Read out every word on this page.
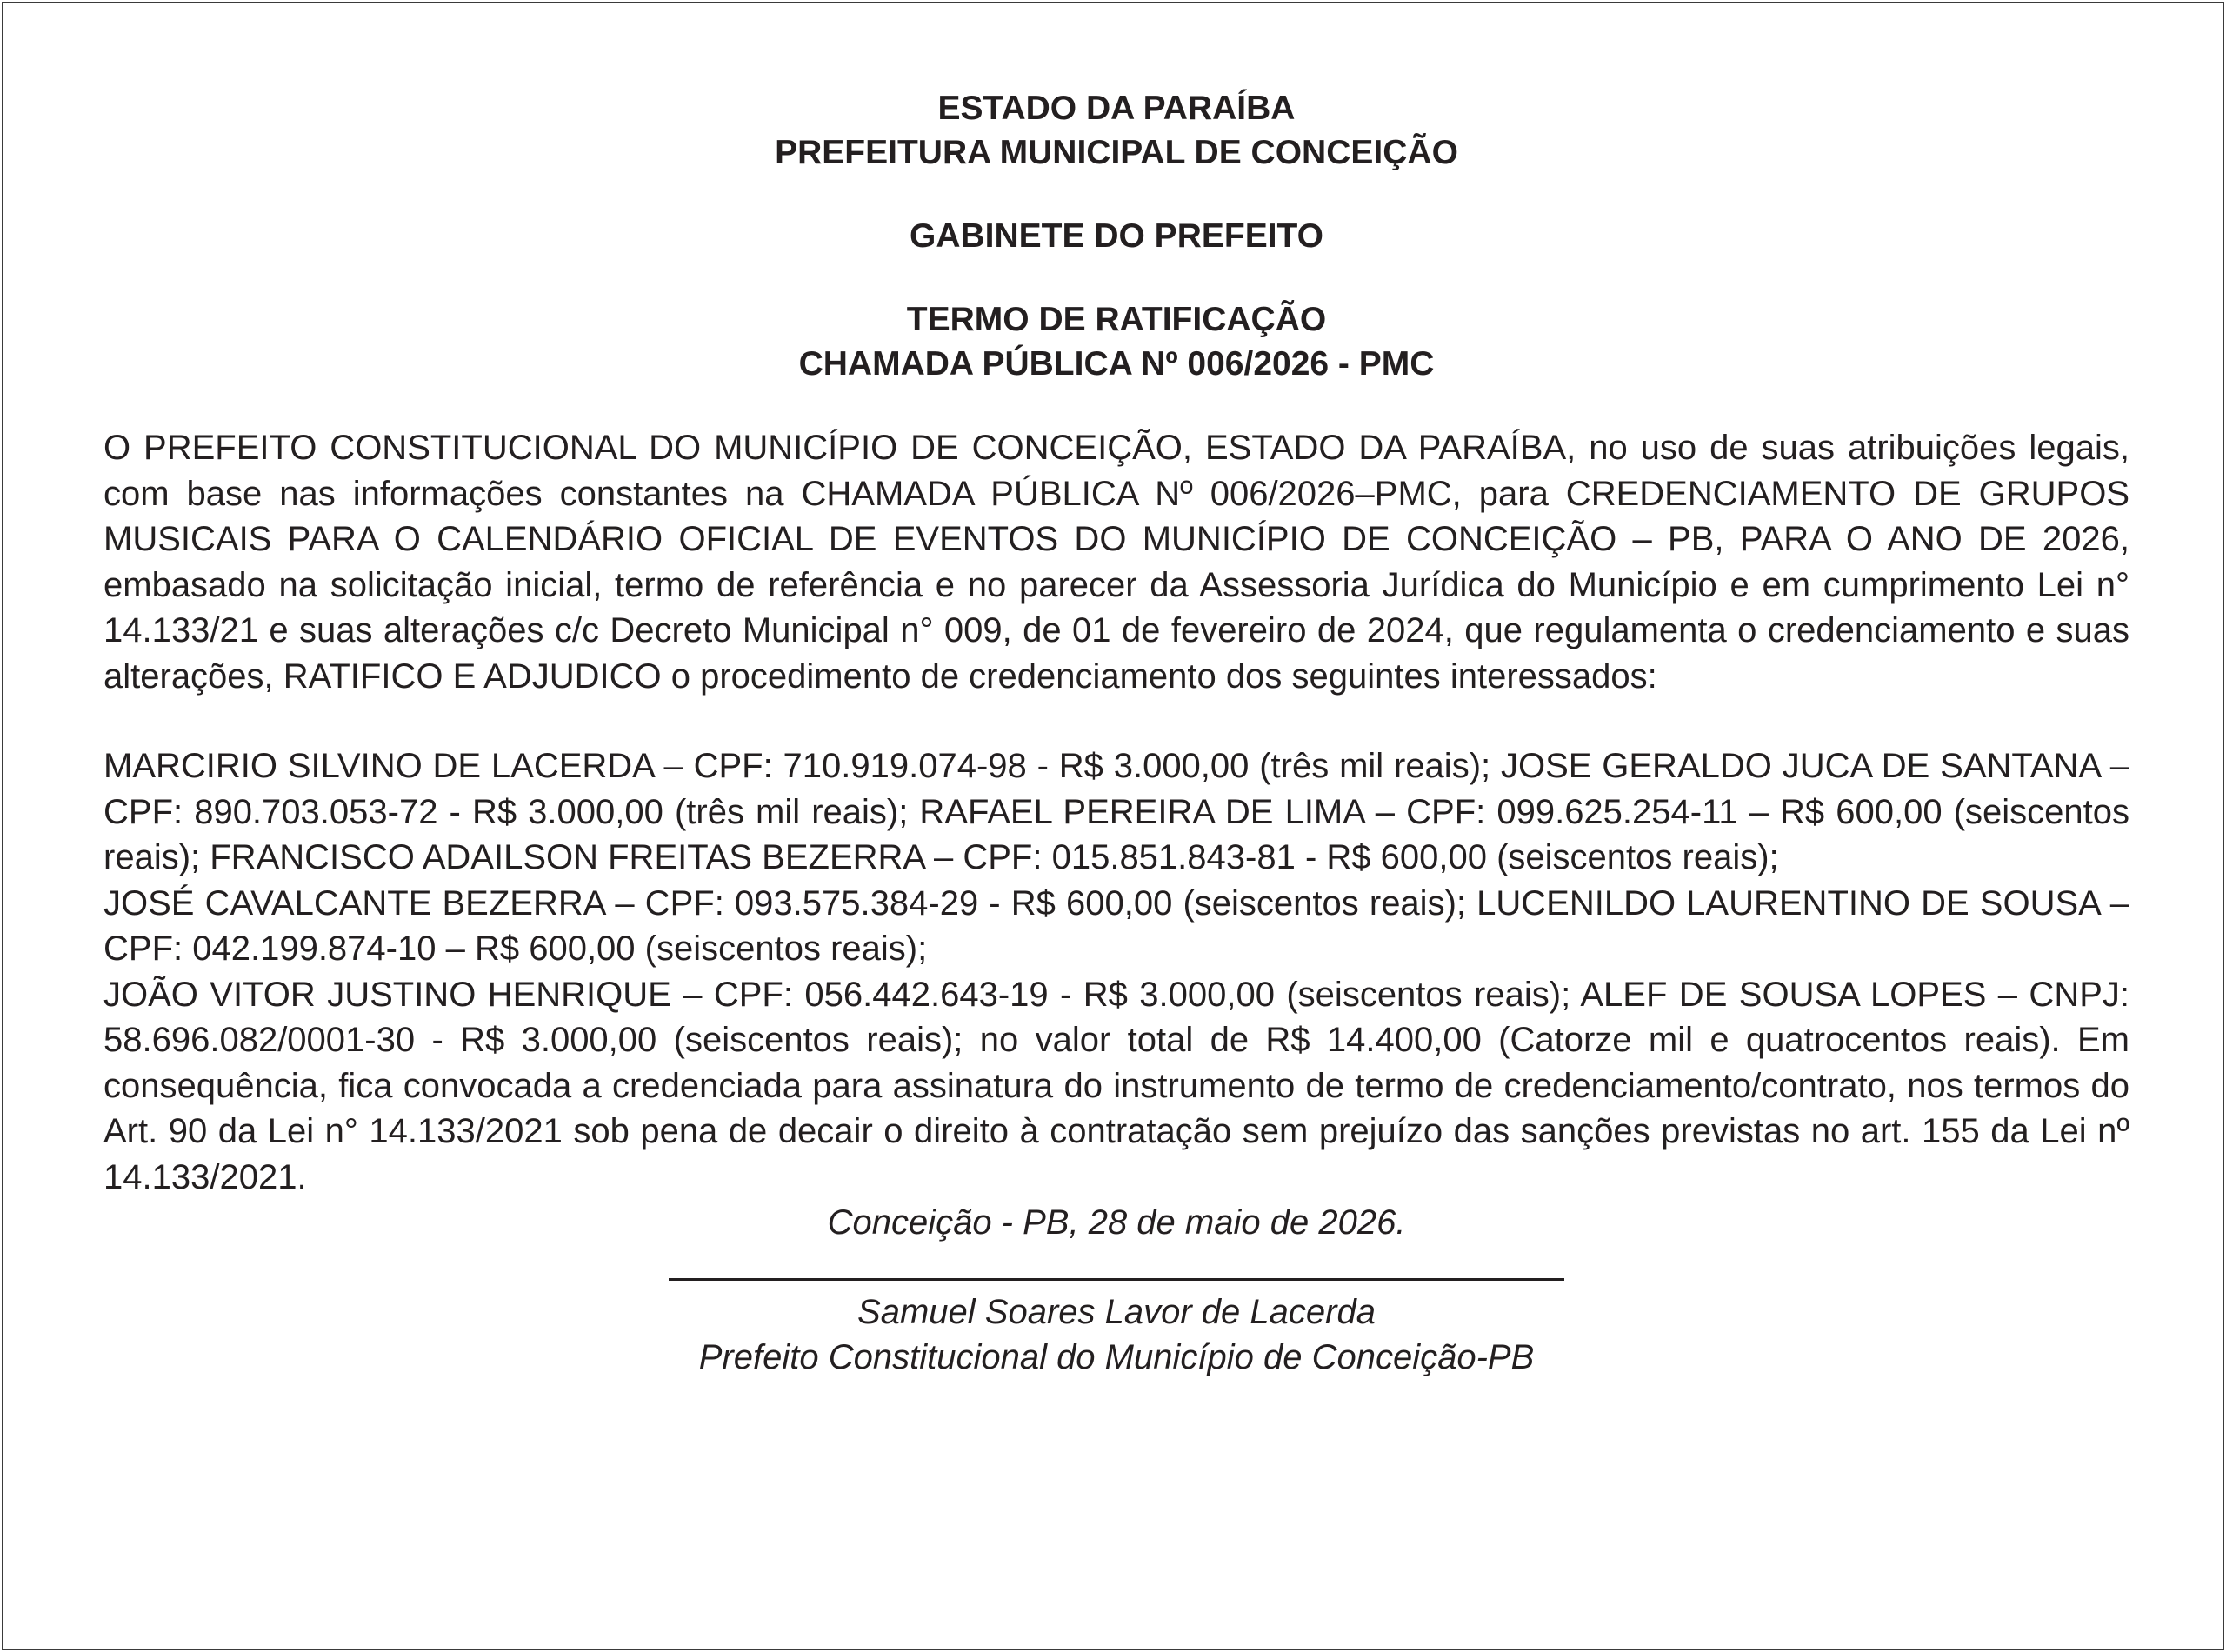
ESTADO DA PARAÍBA

PREFEITURA MUNICIPAL DE CONCEIÇÃO

GABINETE DO PREFEITO

TERMO DE RATIFICAÇÃO

CHAMADA PÚBLICA Nº 006/2026 - PMC

O PREFEITO CONSTITUCIONAL DO MUNICÍPIO DE CONCEIÇÃO, ESTADO DA PARAÍBA, no uso de suas atribuições legais, com base nas informações constantes na CHAMADA PÚBLICA Nº 006/2026–PMC, para CREDENCIAMENTO DE GRUPOS MUSICAIS PARA O CALENDÁRIO OFICIAL DE EVENTOS DO MUNICÍPIO DE CONCEIÇÃO – PB, PARA O ANO DE 2026, embasado na solicitação inicial, termo de referência e no parecer da Assessoria Jurídica do Município e em cumprimento Lei n° 14.133/21 e suas alterações c/c Decreto Municipal n° 009, de 01 de fevereiro de 2024, que regulamenta o credenciamento e suas alterações, RATIFICO E ADJUDICO o procedimento de credenciamento dos seguintes interessados:

MARCIRIO SILVINO DE LACERDA – CPF: 710.919.074-98 - R$ 3.000,00 (três mil reais); JOSE GERALDO JUCA DE SANTANA – CPF: 890.703.053-72 - R$ 3.000,00 (três mil reais); RAFAEL PEREIRA DE LIMA – CPF: 099.625.254-11 – R$ 600,00 (seiscentos reais); FRANCISCO ADAILSON FREITAS BEZERRA – CPF: 015.851.843-81 - R$ 600,00 (seiscentos reais);

JOSÉ CAVALCANTE BEZERRA – CPF: 093.575.384-29 - R$ 600,00 (seiscentos reais); LUCENILDO LAURENTINO DE SOUSA – CPF: 042.199.874-10 – R$ 600,00 (seiscentos reais);

JOÃO VITOR JUSTINO HENRIQUE – CPF: 056.442.643-19 - R$ 3.000,00 (seiscentos reais); ALEF DE SOUSA LOPES – CNPJ: 58.696.082/0001-30 - R$ 3.000,00 (seiscentos reais); no valor total de R$ 14.400,00 (Catorze mil e quatrocentos reais). Em consequência, fica convocada a credenciada para assinatura do instrumento de termo de credenciamento/contrato, nos termos do Art. 90 da Lei n° 14.133/2021 sob pena de decair o direito à contratação sem prejuízo das sanções previstas no art. 155 da Lei nº 14.133/2021.

Conceição - PB, 28 de maio de 2026.

Samuel Soares Lavor de Lacerda

Prefeito Constitucional do Município de Conceição-PB
